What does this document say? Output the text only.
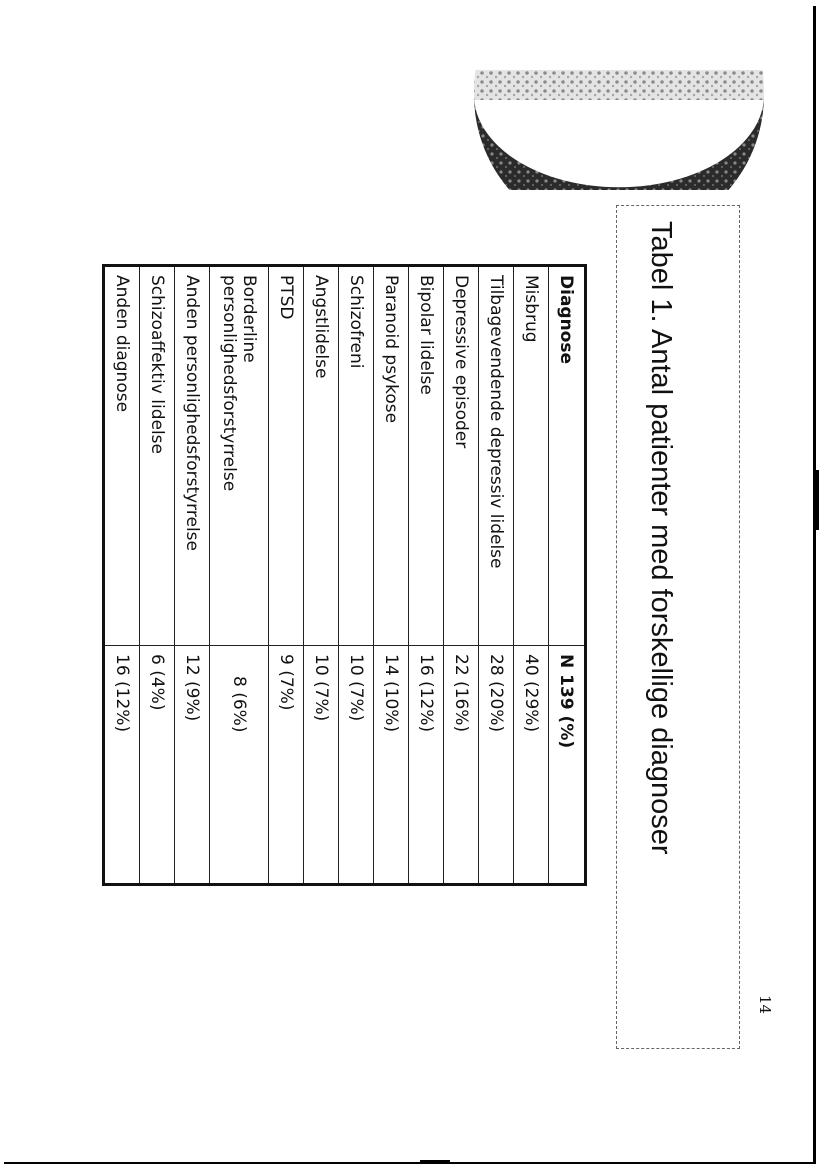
Tabel 1. Antal patienter med forskellige diagnoser
Diagnose	N 139 (%)
Misbrug	40 (29%)
Tilbagevendende depressiv lidelse	28 (20%)
Depressive episoder	22 (16%)
Bipolar lidelse	16 (12%)
Paranoid psykose	14 (10%)
Schizofreni	10 (7%)
Angstlidelse	10 (7%)
PTSD	9 (7%)

Borderline
personlighedsforstyrrelse	8 (6%)
Anden personlighedsforstyrrelse	12 (9%)
Schizoaffektiv lidelse	6 (4%)
Anden diagnose	16 (12%)
14
